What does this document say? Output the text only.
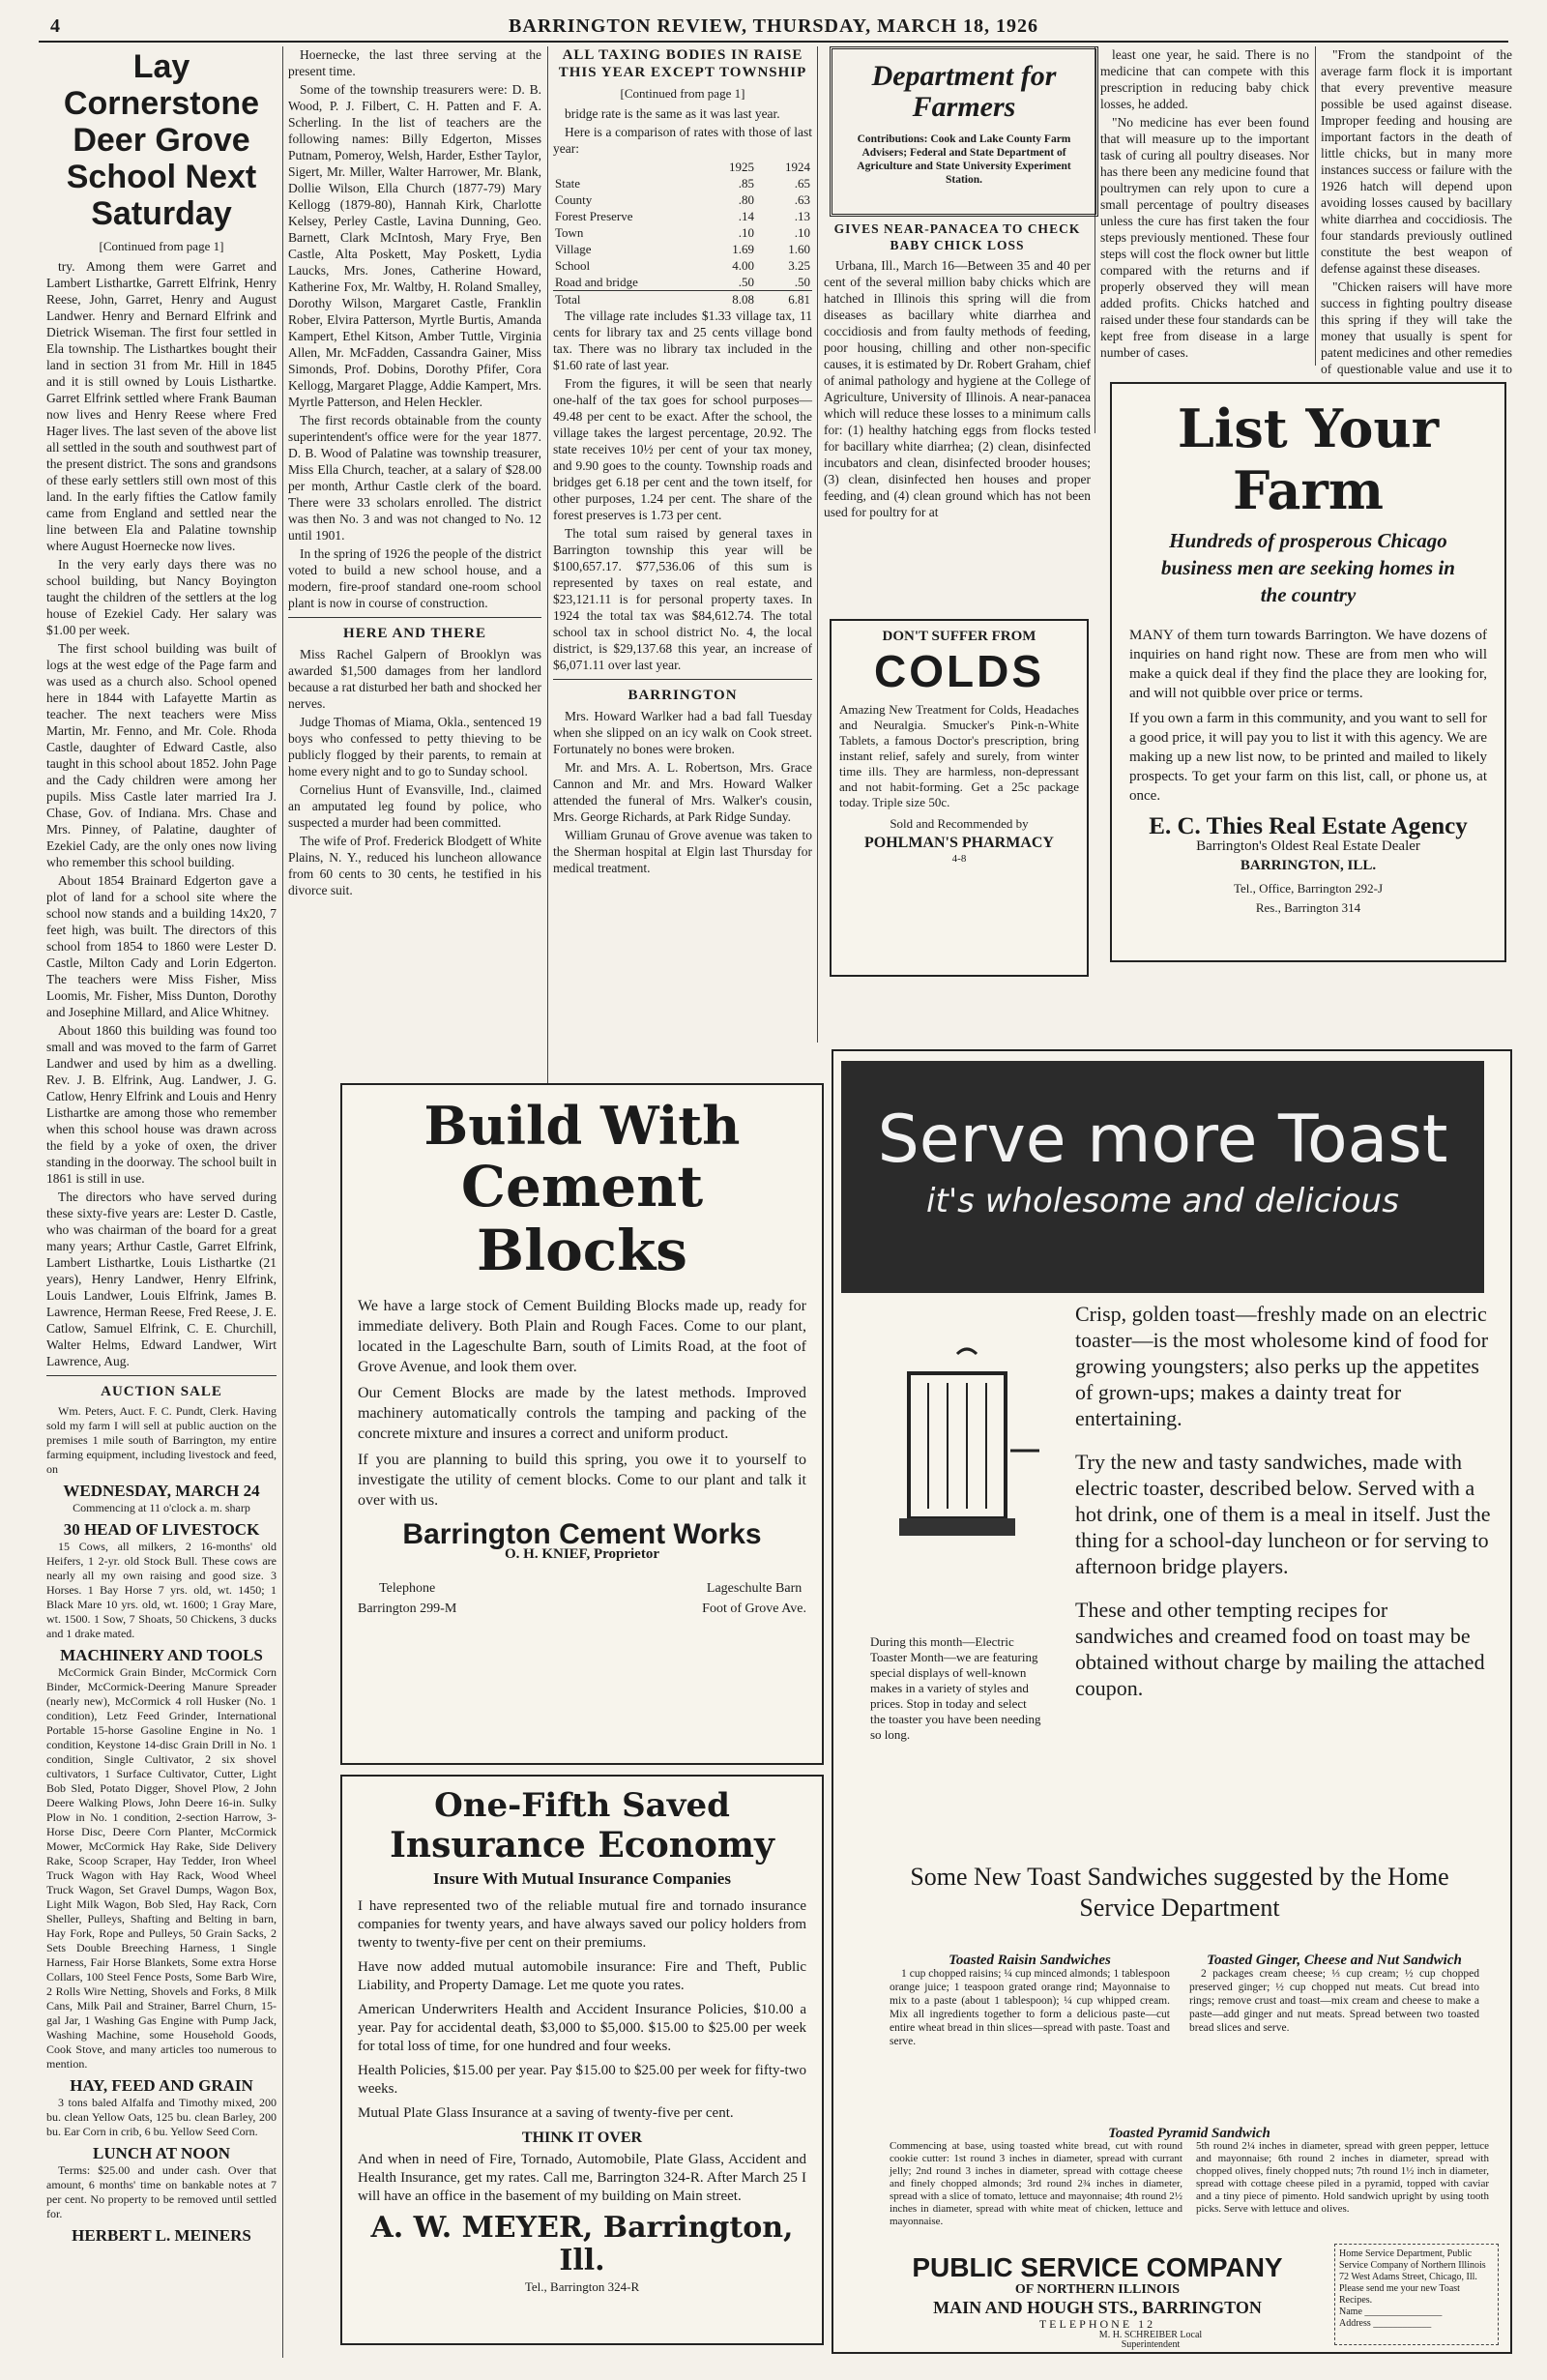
4	BARRINGTON REVIEW, THURSDAY, MARCH 18, 1926
Lay Cornerstone Deer Grove School Next Saturday
[Continued from page 1]

try. Among them were Garret and Lambert Listhartke, Garrett Elfrink, Henry Reese, John, Garret, Henry and August Landwer. Henry and Bernard Elfrink and Dietrick Wiseman. The first four settled in Ela township. The Listhartkes bought their land in section 31 from Mr. Hill in 1845 and it is still owned by Louis Listhartke. Garret Elfrink settled where Frank Bauman now lives and Henry Reese where Fred Hager lives. The last seven of the above list all settled in the south and southwest part of the present district. The sons and grandsons of these early settlers still own most of this land. In the early fifties the Catlow family came from England and settled near the line between Ela and Palatine township where August Hoernecke now lives.

In the very early days there was no school building, but Nancy Boyington taught the children of the settlers at the log house of Ezekiel Cady. Her salary was $1.00 per week.

The first school building was built of logs at the west edge of the Page farm and was used as a church also. School opened here in 1844 with Lafayette Martin as teacher. The next teachers were Miss Martin, Mr. Fenno, and Mr. Cole. Rhoda Castle, daughter of Edward Castle, also taught in this school about 1852. John Page and the Cady children were among her pupils. Miss Castle later married Ira J. Chase, Gov. of Indiana. Mrs. Chase and Mrs. Pinney, of Palatine, daughter of Ezekiel Cady, are the only ones now living who remember this school building.

About 1854 Brainard Edgerton gave a plot of land for a school site where the school now stands and a building 14x20, 7 feet high, was built. The directors of this school from 1854 to 1860 were Lester D. Castle, Milton Cady and Lorin Edgerton. The teachers were Miss Fisher, Miss Loomis, Mr. Fisher, Miss Dunton, Dorothy and Josephine Millard, and Alice Whitney.

About 1860 this building was found too small and was moved to the farm of Garret Landwer and used by him as a dwelling. Rev. J. B. Elfrink, Aug. Landwer, J. G. Catlow, Henry Elfrink and Louis and Henry Listhartke are among those who remember when this school house was drawn across the field by a yoke of oxen, the driver standing in the doorway. The school built in 1861 is still in use.

The directors who have served during these sixty-five years are: Lester D. Castle, who was chairman of the board for a great many years; Arthur Castle, Garret Elfrink, Lambert Listhartke, Louis Listhartke (21 years), Henry Landwer, Henry Elfrink, Louis Landwer, Louis Elfrink, James B. Lawrence, Herman Reese, Fred Reese, J. E. Catlow, Samuel Elfrink, C. E. Churchill, Walter Helms, Edward Landwer, Wirt Lawrence, Aug.

AUCTION SALE

Wm. Peters, Auct. F. C. Pundt, Clerk. Having sold my farm I will sell at public auction on the premises 1 mile south of Barrington, my entire farming equipment, including livestock and feed, on

WEDNESDAY, MARCH 24
Commencing at 11 o'clock a. m. sharp
30 HEAD OF LIVESTOCK

15 Cows, all milkers, 2 16-months' old Heifers, 1 2-yr. old Stock Bull. These cows are nearly all my own raising and good size. 3 Horses. 1 Bay Horse 7 yrs. old, wt. 1450; 1 Black Mare 10 yrs. old, wt. 1600; 1 Gray Mare, wt. 1500. 1 Sow, 7 Shoats, 50 Chickens, 3 ducks and 1 drake mated.

MACHINERY AND TOOLS

McCormick Grain Binder, McCormick Corn Binder, McCormick-Deering Manure Spreader (nearly new), McCormick 4 roll Husker (No. 1 condition), Letz Feed Grinder, International Portable 15-horse Gasoline Engine in No. 1 condition, Keystone 14-disc Grain Drill in No. 1 condition, Single Cultivator, 2 six shovel cultivators, 1 Surface Cultivator, Cutter, Light Bob Sled, Potato Digger, Shovel Plow, 2 John Deere Walking Plows, John Deere 16-in. Sulky Plow in No. 1 condition, 2-section Harrow, 3-Horse Disc, Deere Corn Planter, McCormick Mower, McCormick Hay Rake, Side Delivery Rake, Scoop Scraper, Hay Tedder, Iron Wheel Truck Wagon with Hay Rack, Wood Wheel Truck Wagon, Set Gravel Dumps, Wagon Box, Light Milk Wagon, Bob Sled, Hay Rack, Corn Sheller, Pulleys, Shafting and Belting in barn, Hay Fork, Rope and Pulleys, 50 Grain Sacks, 2 Sets Double Breeching Harness, 1 Single Harness, Fair Horse Blankets, Some extra Horse Collars, 100 Steel Fence Posts, Some Barb Wire, 2 Rolls Wire Netting, Shovels and Forks, 8 Milk Cans, Milk Pail and Strainer, Barrel Churn, 15-gal Jar, 1 Washing Gas Engine with Pump Jack, Washing Machine, some Household Goods, Cook Stove, and many articles too numerous to mention.

HAY, FEED AND GRAIN

3 tons baled Alfalfa and Timothy mixed, 200 bu. clean Yellow Oats, 125 bu. clean Barley, 200 bu. Ear Corn in crib, 6 bu. Yellow Seed Corn.

LUNCH AT NOON

Terms: $25.00 and under cash. Over that amount, 6 months' time on bankable notes at 7 per cent. No property to be removed until settled for.

HERBERT L. MEINERS

Hoernecke, the last three serving at the present time.

Some of the township treasurers were: D. B. Wood, P. J. Filbert, C. H. Patten and F. A. Scherling. In the list of teachers are the following names: Billy Edgerton, Misses Putnam, Pomeroy, Welsh, Harder, Esther Taylor, Sigert, Mr. Miller, Walter Harrower, Mr. Blank, Dollie Wilson, Ella Church (1877-79) Mary Kellogg (1879-80), Hannah Kirk, Charlotte Kelsey, Perley Castle, Lavina Dunning, Geo. Barnett, Clark McIntosh, Mary Frye, Ben Castle, Alta Poskett, May Poskett, Lydia Laucks, Mrs. Jones, Catherine Howard, Katherine Fox, Mr. Waltby, H. Roland Smalley, Dorothy Wilson, Margaret Castle, Franklin Rober, Elvira Patterson, Myrtle Burtis, Amanda Kampert, Ethel Kitson, Amber Tuttle, Virginia Allen, Mr. McFadden, Cassandra Gainer, Miss Simonds, Prof. Dobins, Dorothy Pfifer, Cora Kellogg, Margaret Plagge, Addie Kampert, Mrs. Myrtle Patterson, and Helen Heckler.

The first records obtainable from the county superintendent's office were for the year 1877. D. B. Wood of Palatine was township treasurer, Miss Ella Church, teacher, at a salary of $28.00 per month, Arthur Castle clerk of the board. There were 33 scholars enrolled. The district was then No. 3 and was not changed to No. 12 until 1901.

In the spring of 1926 the people of the district voted to build a new school house, and a modern, fire-proof standard one-room school plant is now in course of construction.

HERE AND THERE

Miss Rachel Galpern of Brooklyn was awarded $1,500 damages from her landlord because a rat disturbed her bath and shocked her nerves.

Judge Thomas of Miama, Okla., sentenced 19 boys who confessed to petty thieving to be publicly flogged by their parents, to remain at home every night and to go to Sunday school.

Cornelius Hunt of Evansville, Ind., claimed an amputated leg found by police, who suspected a murder had been committed.

The wife of Prof. Frederick Blodgett of White Plains, N. Y., reduced his luncheon allowance from 60 cents to 30 cents, he testified in his divorce suit.

ALL TAXING BODIES IN RAISE THIS YEAR EXCEPT TOWNSHIP
[Continued from page 1]

bridge rate is the same as it was last year.

Here is a comparison of rates with those of last year:

	1925	1924
State	.85	.65
County	.80	.63
Forest Preserve	.14	.13
Town	.10	.10
Village	1.69	1.60
School	4.00	3.25
Road and bridge	.50	.50
Total	8.08	6.81

The village rate includes $1.33 village tax, 11 cents for library tax and 25 cents village bond tax. There was no library tax included in the $1.60 rate of last year.

From the figures, it will be seen that nearly one-half of the tax goes for school purposes—49.48 per cent to be exact. After the school, the village takes the largest percentage, 20.92. The state receives 10½ per cent of your tax money, and 9.90 goes to the county. Township roads and bridges get 6.18 per cent and the town itself, for other purposes, 1.24 per cent. The share of the forest preserves is 1.73 per cent.

The total sum raised by general taxes in Barrington township this year will be $100,657.17. $77,536.06 of this sum is represented by taxes on real estate, and $23,121.11 is for personal property taxes. In 1924 the total tax was $84,612.74. The total school tax in school district No. 4, the local district, is $29,137.68 this year, an increase of $6,071.11 over last year.

BARRINGTON

Mrs. Howard Warlker had a bad fall Tuesday when she slipped on an icy walk on Cook street. Fortunately no bones were broken.

Mr. and Mrs. A. L. Robertson, Mrs. Grace Cannon and Mr. and Mrs. Howard Walker attended the funeral of Mrs. Walker's cousin, Mrs. George Richards, at Park Ridge Sunday.

William Grunau of Grove avenue was taken to the Sherman hospital at Elgin last Thursday for medical treatment.

Department for Farmers
Contributions: Cook and Lake County Farm Advisers; Federal and State Department of Agriculture and State University Experiment Station.
GIVES NEAR-PANACEA TO CHECK BABY CHICK LOSS

Urbana, Ill., March 16—Between 35 and 40 per cent of the several million baby chicks which are hatched in Illinois this spring will die from diseases as bacillary white diarrhea and coccidiosis and from faulty methods of feeding, poor housing, chilling and other non-specific causes, it is estimated by Dr. Robert Graham, chief of animal pathology and hygiene at the College of Agriculture, University of Illinois. A near-panacea which will reduce these losses to a minimum calls for: (1) healthy hatching eggs from flocks tested for bacillary white diarrhea; (2) clean, disinfected incubators and clean, disinfected brooder houses; (3) clean, disinfected hen houses and proper feeding, and (4) clean ground which has not been used for poultry for at

DON'T SUFFER FROM
COLDS

Amazing New Treatment for Colds, Headaches and Neuralgia. Smucker's Pink-n-White Tablets, a famous Doctor's prescription, bring instant relief, safely and surely, from winter time ills. They are harmless, non-depressant and not habit-forming. Get a 25c package today. Triple size 50c.

Sold and Recommended by
POHLMAN'S PHARMACY
4-8

least one year, he said. There is no medicine that can compete with this prescription in reducing baby chick losses, he added.

"No medicine has ever been found that will measure up to the important task of curing all poultry diseases. Nor has there been any medicine found that poultrymen can rely upon to cure a small percentage of poultry diseases unless the cure has first taken the four steps previously mentioned. These four steps will cost the flock owner but little compared with the returns and if properly observed they will mean added profits. Chicks hatched and raised under these four standards can be kept free from disease in a large number of cases.

"From the standpoint of the average farm flock it is important that every preventive measure possible be used against disease. Improper feeding and housing are important factors in the death of little chicks, but in many more instances success or failure with the 1926 hatch will depend upon avoiding losses caused by bacillary white diarrhea and coccidiosis. The four standards previously outlined constitute the best weapon of defense against these diseases.

"Chicken raisers will have more success in fighting poultry disease this spring if they will take the money that usually is spent for patent medicines and other remedies of questionable value and use it to

List Your Farm
Hundreds of prosperous Chicago business men are seeking homes in the country

MANY of them turn towards Barrington. We have dozens of inquiries on hand right now. These are from men who will make a quick deal if they find the place they are looking for, and will not quibble over price or terms.

If you own a farm in this community, and you want to sell for a good price, it will pay you to list it with this agency. We are making up a new list now, to be printed and mailed to likely prospects. To get your farm on this list, call, or phone us, at once.

E. C. Thies Real Estate Agency
Barrington's Oldest Real Estate Dealer
BARRINGTON, ILL.
Tel., Office, Barrington 292-J
Res., Barrington 314
Build With
Cement Blocks

We have a large stock of Cement Building Blocks made up, ready for immediate delivery. Both Plain and Rough Faces. Come to our plant, located in the Lageschulte Barn, south of Limits Road, at the foot of Grove Avenue, and look them over.

Our Cement Blocks are made by the latest methods. Improved machinery automatically controls the tamping and packing of the concrete mixture and insures a correct and uniform product.

If you are planning to build this spring, you owe it to yourself to investigate the utility of cement blocks. Come to our plant and talk it over with us.

Barrington Cement Works
O. H. KNIEF, Proprietor
Telephone
Barrington 299-M
Lageschulte Barn
Foot of Grove Ave.
One-Fifth Saved
Insurance Economy
Insure With Mutual Insurance Companies

I have represented two of the reliable mutual fire and tornado insurance companies for twenty years, and have always saved our policy holders from twenty to twenty-five per cent on their premiums.

Have now added mutual automobile insurance: Fire and Theft, Public Liability, and Property Damage. Let me quote you rates.

American Underwriters Health and Accident Insurance Policies, $10.00 a year. Pay for accidental death, $3,000 to $5,000. $15.00 to $25.00 per week for total loss of time, for one hundred and four weeks.

Health Policies, $15.00 per year. Pay $15.00 to $25.00 per week for fifty-two weeks.

Mutual Plate Glass Insurance at a saving of twenty-five per cent.

THINK IT OVER

And when in need of Fire, Tornado, Automobile, Plate Glass, Accident and Health Insurance, get my rates. Call me, Barrington 324-R. After March 25 I will have an office in the basement of my building on Main street.

A. W. MEYER, Barrington, Ill.
Tel., Barrington 324-R
Serve more Toast
it's wholesome and delicious

During this month—Electric Toaster Month—we are featuring special displays of well-known makes in a variety of styles and prices. Stop in today and select the toaster you have been needing so long.

Crisp, golden toast—freshly made on an electric toaster—is the most wholesome kind of food for growing youngsters; also perks up the appetites of grown-ups; makes a dainty treat for entertaining.

Try the new and tasty sandwiches, made with electric toaster, described below. Served with a hot drink, one of them is a meal in itself. Just the thing for a school-day luncheon or for serving to afternoon bridge players.

These and other tempting recipes for sandwiches and creamed food on toast may be obtained without charge by mailing the attached coupon.

Some New Toast Sandwiches suggested by the Home Service Department
Toasted Raisin Sandwiches

1 cup chopped raisins; ¼ cup minced almonds; 1 tablespoon orange juice; 1 teaspoon grated orange rind; Mayonnaise to mix to a paste (about 1 tablespoon); ¼ cup whipped cream. Mix all ingredients together to form a delicious paste—cut entire wheat bread in thin slices—spread with paste. Toast and serve.

Toasted Ginger, Cheese and Nut Sandwich

2 packages cream cheese; ⅓ cup cream; ½ cup chopped preserved ginger; ½ cup chopped nut meats. Cut bread into rings; remove crust and toast—mix cream and cheese to make a paste—add ginger and nut meats. Spread between two toasted bread slices and serve.

Toasted Pyramid Sandwich

Commencing at base, using toasted white bread, cut with round cookie cutter: 1st round 3 inches in diameter, spread with currant jelly; 2nd round 3 inches in diameter, spread with cottage cheese and finely chopped almonds; 3rd round 2¾ inches in diameter, spread with a slice of tomato, lettuce and mayonnaise; 4th round 2½ inches in diameter, spread with white meat of chicken, lettuce and mayonnaise.

5th round 2¼ inches in diameter, spread with green pepper, lettuce and mayonnaise; 6th round 2 inches in diameter, spread with chopped olives, finely chopped nuts; 7th round 1½ inch in diameter, spread with cottage cheese piled in a pyramid, topped with caviar and a tiny piece of pimento. Hold sandwich upright by using tooth picks. Serve with lettuce and olives.

PUBLIC SERVICE COMPANY
OF NORTHERN ILLINOIS
MAIN AND HOUGH STS., BARRINGTON
TELEPHONE 12
M. H. SCHREIBER Local Superintendent
Home Service Department, Public Service Company of Northern Illinois
72 West Adams Street, Chicago, Ill.
Please send me your new Toast Recipes.
Name ________________
Address ____________
